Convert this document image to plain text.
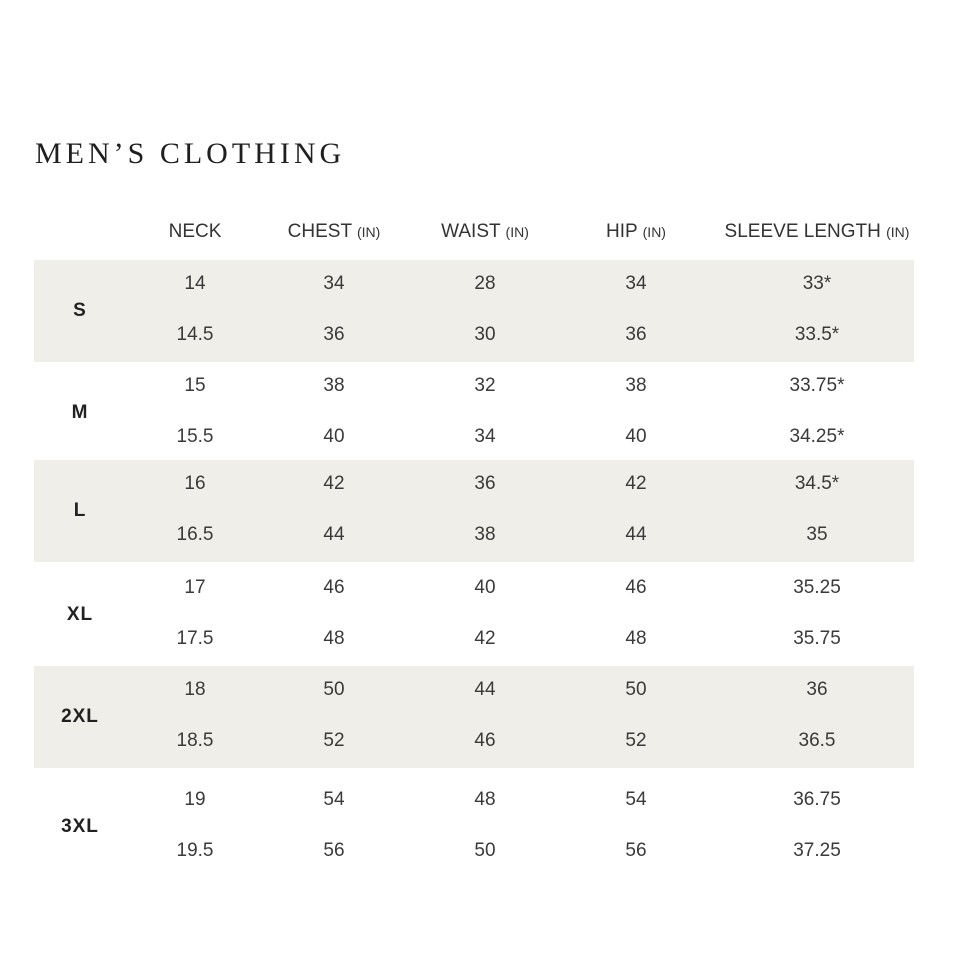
MEN’S CLOTHING
NECK	CHEST (IN)	WAIST (IN)	HIP (IN)	SLEEVE LENGTH (IN)
S
14	34	28	34	33*
14.5	36	30	36	33.5*
M
15	38	32	38	33.75*
15.5	40	34	40	34.25*
L
16	42	36	42	34.5*
16.5	44	38	44	35
XL
17	46	40	46	35.25
17.5	48	42	48	35.75
2XL
18	50	44	50	36
18.5	52	46	52	36.5
3XL
19	54	48	54	36.75
19.5	56	50	56	37.25
